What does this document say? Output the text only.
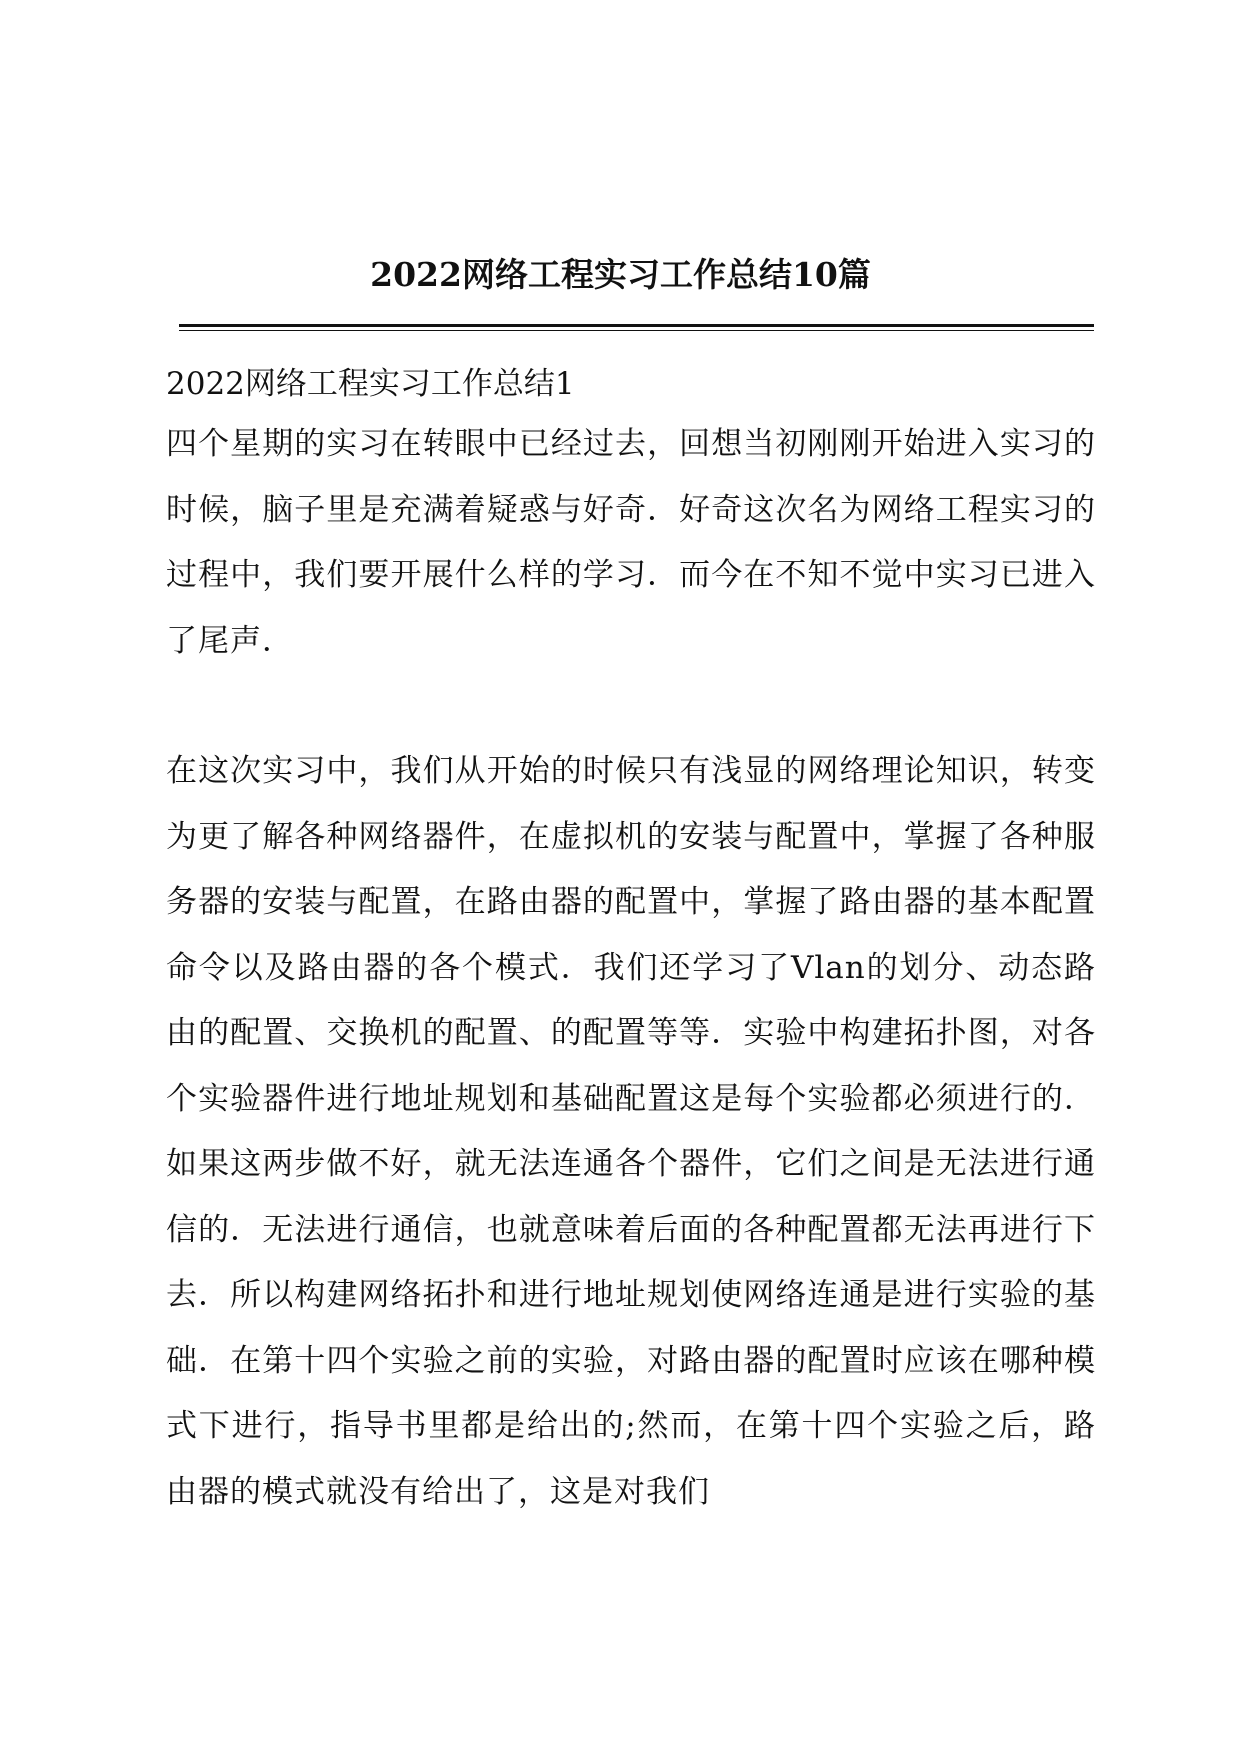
2022网络工程实习工作总结10篇

2022网络工程实习工作总结1

四个星期的实习在转眼中已经过去，回想当初刚刚开始进入实习的时候，脑子里是充满着疑惑与好奇．好奇这次名为网络工程实习的过程中，我们要开展什么样的学习．而今在不知不觉中实习已进入了尾声．

在这次实习中，我们从开始的时候只有浅显的网络理论知识，转变为更了解各种网络器件，在虚拟机的安装与配置中，掌握了各种服务器的安装与配置，在路由器的配置中，掌握了路由器的基本配置命令以及路由器的各个模式．我们还学习了Vlan的划分、动态路由的配置、交换机的配置、的配置等等．实验中构建拓扑图，对各个实验器件进行地址规划和基础配置这是每个实验都必须进行的．如果这两步做不好，就无法连通各个器件，它们之间是无法进行通信的．无法进行通信，也就意味着后面的各种配置都无法再进行下去．所以构建网络拓扑和进行地址规划使网络连通是进行实验的基础．在第十四个实验之前的实验，对路由器的配置时应该在哪种模式下进行，指导书里都是给出的;然而，在第十四个实验之后，路由器的模式就没有给出了，这是对我们
